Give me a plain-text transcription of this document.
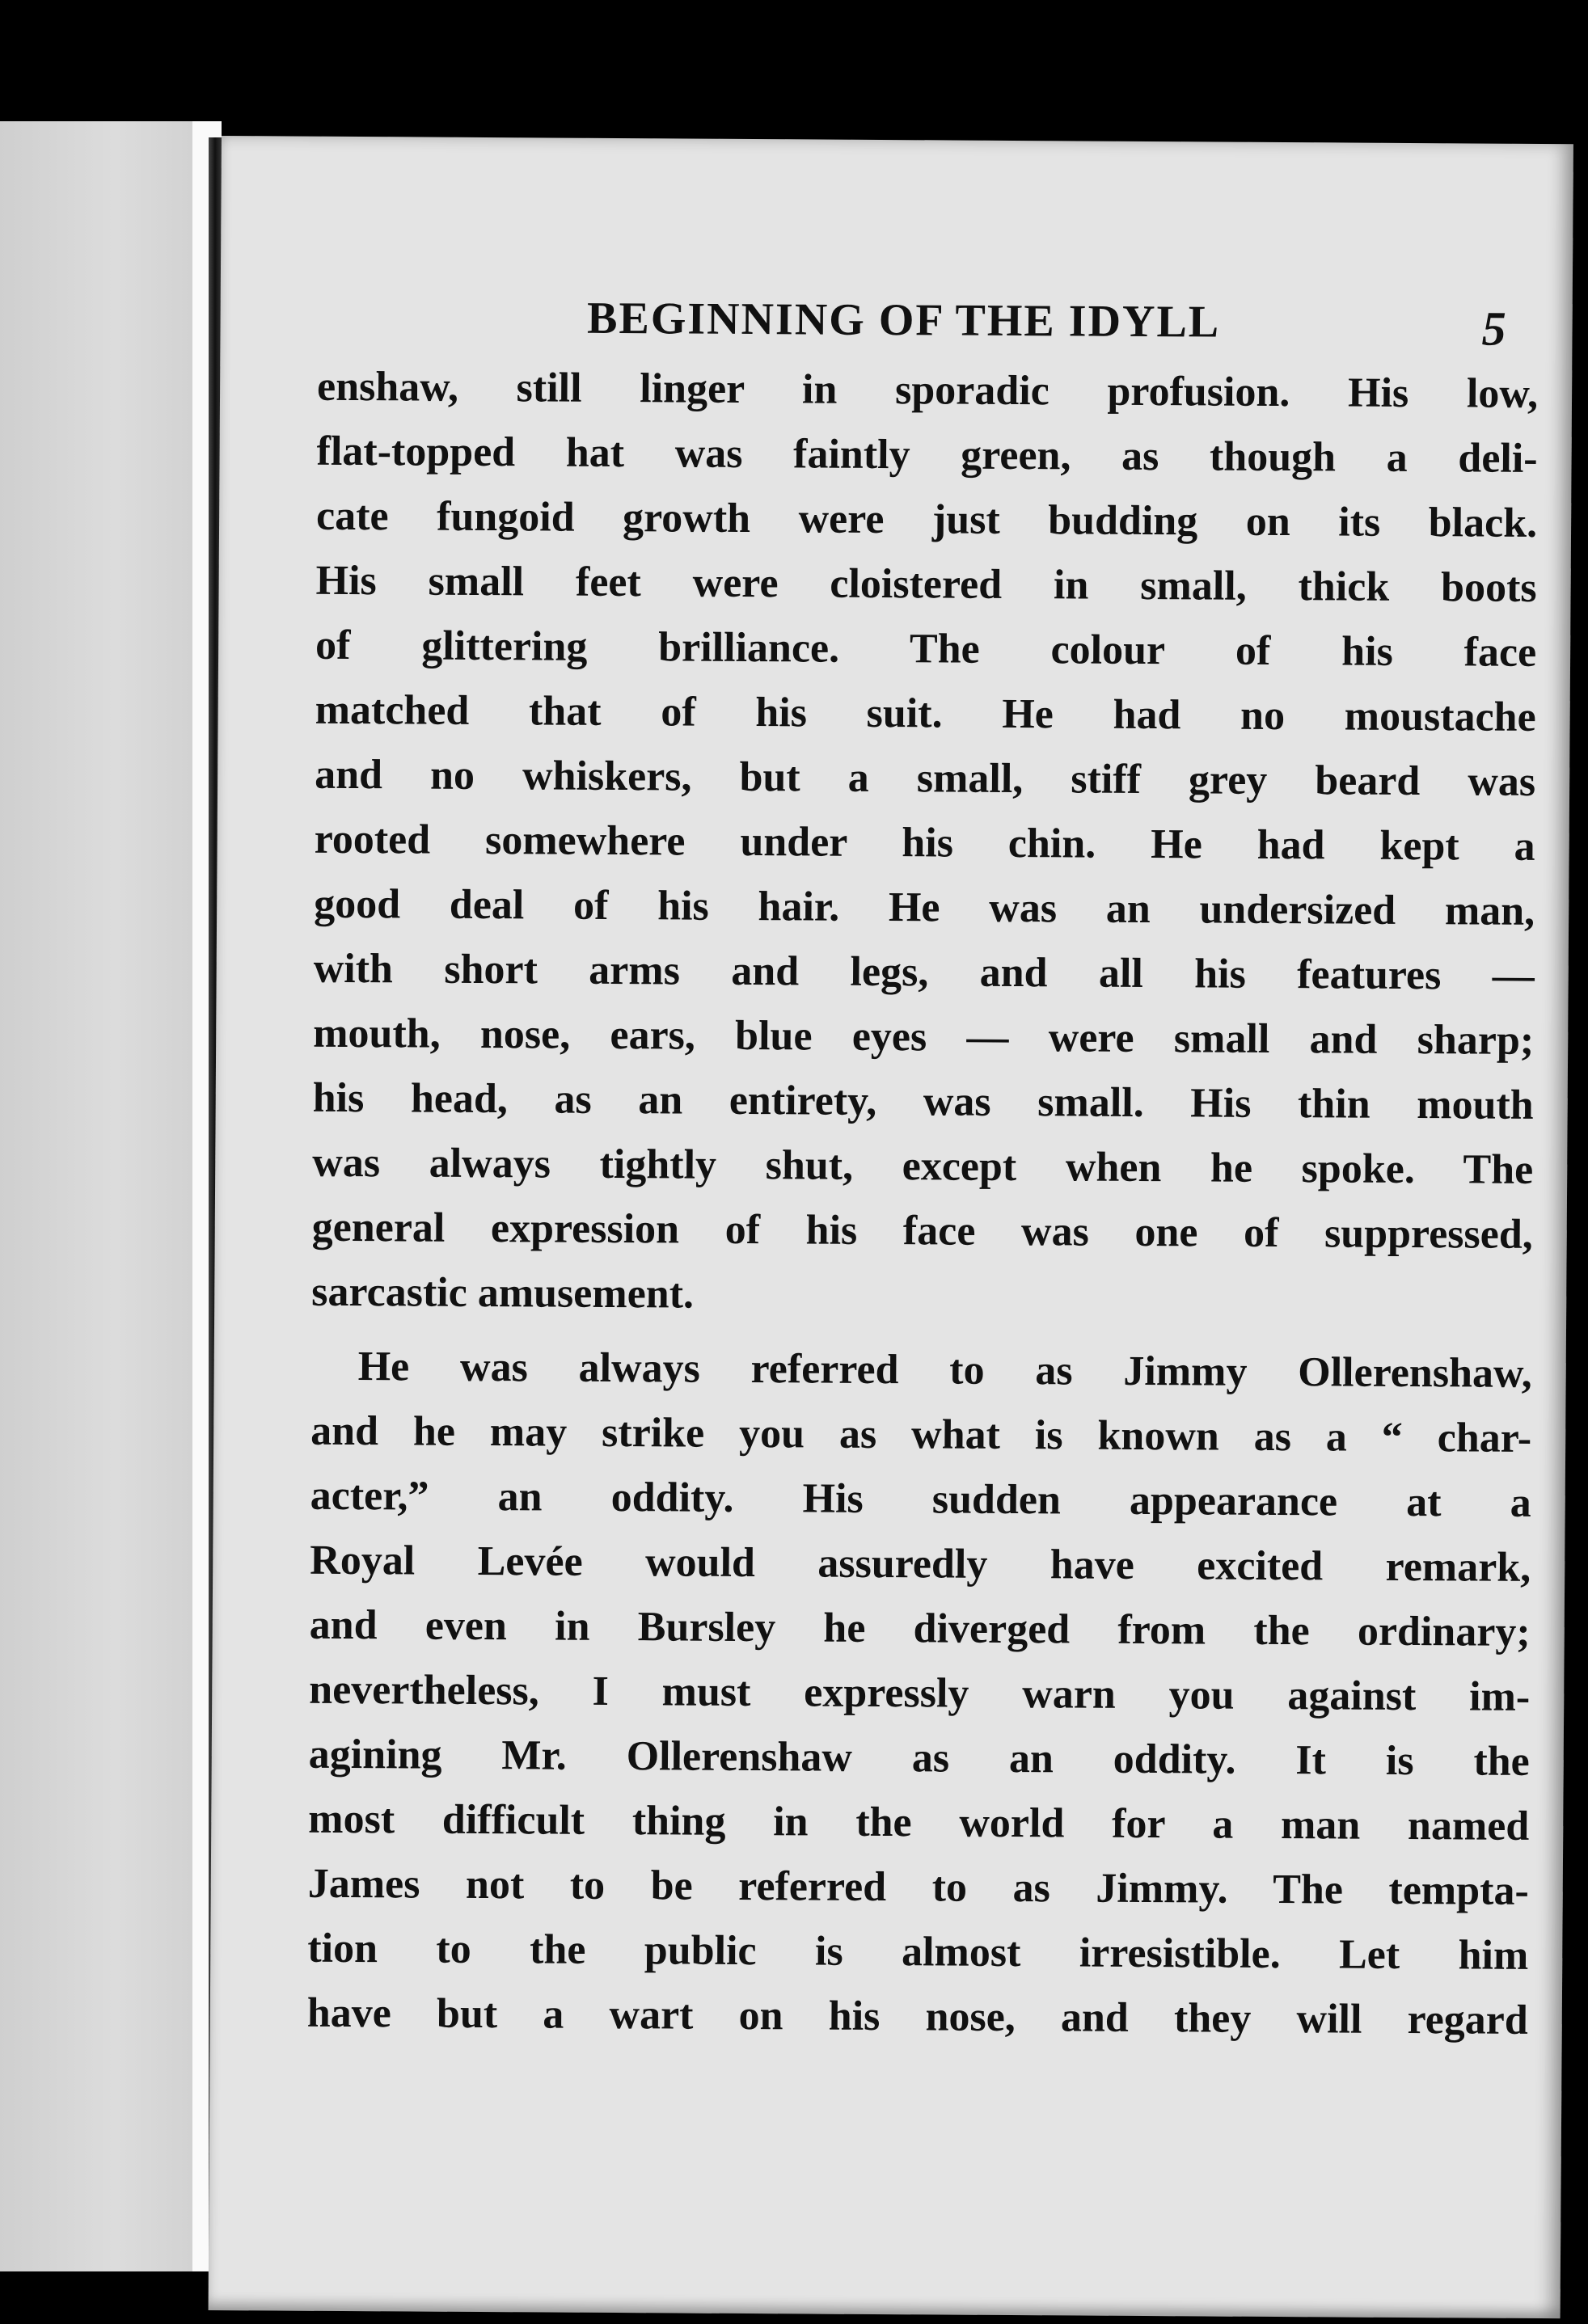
BEGINNING OF THE IDYLL	5
enshaw, still linger in sporadic profusion. His low,
flat-topped hat was faintly green, as though a deli-
cate fungoid growth were just budding on its black.
His small feet were cloistered in small, thick boots
of glittering brilliance. The colour of his face
matched that of his suit. He had no moustache
and no whiskers, but a small, stiff grey beard was
rooted somewhere under his chin. He had kept a
good deal of his hair. He was an undersized man,
with short arms and legs, and all his features —
mouth, nose, ears, blue eyes — were small and sharp;
his head, as an entirety, was small. His thin mouth
was always tightly shut, except when he spoke. The
general expression of his face was one of suppressed,
sarcastic amusement.
He was always referred to as Jimmy Ollerenshaw,
and he may strike you as what is known as a “ char-
acter,” an oddity. His sudden appearance at a
Royal Levée would assuredly have excited remark,
and even in Bursley he diverged from the ordinary;
nevertheless, I must expressly warn you against im-
agining Mr. Ollerenshaw as an oddity. It is the
most difficult thing in the world for a man named
James not to be referred to as Jimmy. The tempta-
tion to the public is almost irresistible. Let him
have but a wart on his nose, and they will regard
